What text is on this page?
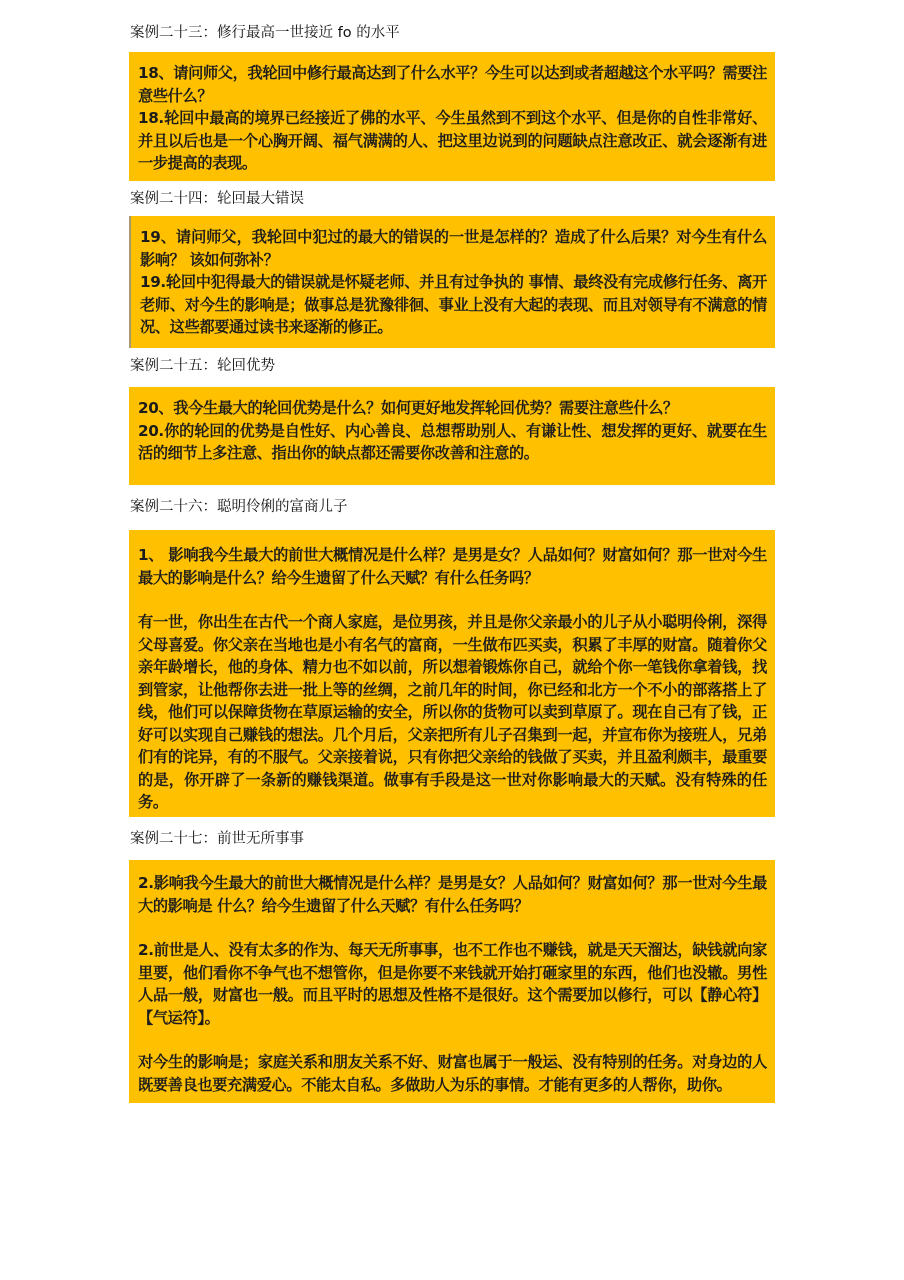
案例二十三：修行最高一世接近 fo 的水平

18、请问师父，我轮回中修行最高达到了什么水平？今生可以达到或者超越这个水平吗？需要注意些什么？

18.轮回中最高的境界已经接近了佛的水平、今生虽然到不到这个水平、但是你的自性非常好、并且以后也是一个心胸开阔、福气满满的人、把这里边说到的问题缺点注意改正、就会逐渐有进一步提高的表现。

案例二十四：轮回最大错误

19、请问师父，我轮回中犯过的最大的错误的一世是怎样的？造成了什么后果？对今生有什么影响？ 该如何弥补？

19.轮回中犯得最大的错误就是怀疑老师、并且有过争执的 事情、最终没有完成修行任务、离开老师、对今生的影响是；做事总是犹豫徘徊、事业上没有大起的表现、而且对领导有不满意的情况、这些都要通过读书来逐渐的修正。

案例二十五：轮回优势

20、我今生最大的轮回优势是什么？如何更好地发挥轮回优势？需要注意些什么？

20.你的轮回的优势是自性好、内心善良、总想帮助别人、有谦让性、想发挥的更好、就要在生活的细节上多注意、指出你的缺点都还需要你改善和注意的。

案例二十六：聪明伶俐的富商儿子

1、 影响我今生最大的前世大概情况是什么样？是男是女？人品如何？财富如何？那一世对今生最大的影响是什么？给今生遗留了什么天赋？有什么任务吗？

有一世，你出生在古代一个商人家庭，是位男孩，并且是你父亲最小的儿子从小聪明伶俐，深得父母喜爱。你父亲在当地也是小有名气的富商，一生做布匹买卖，积累了丰厚的财富。随着你父亲年龄增长，他的身体、精力也不如以前，所以想着锻炼你自己，就给个你一笔钱你拿着钱，找到管家，让他帮你去进一批上等的丝绸，之前几年的时间，你已经和北方一个不小的部落搭上了线，他们可以保障货物在草原运输的安全，所以你的货物可以卖到草原了。现在自己有了钱，正好可以实现自己赚钱的想法。几个月后，父亲把所有儿子召集到一起，并宣布你为接班人，兄弟们有的诧异，有的不服气。父亲接着说，只有你把父亲给的钱做了买卖，并且盈利颇丰，最重要的是，你开辟了一条新的赚钱渠道。做事有手段是这一世对你影响最大的天赋。没有特殊的任务。

案例二十七：前世无所事事

2.影响我今生最大的前世大概情况是什么样？是男是女？人品如何？财富如何？那一世对今生最大的影响是 什么？给今生遗留了什么天赋？有什么任务吗？

2.前世是人、没有太多的作为、每天无所事事，也不工作也不赚钱，就是天天溜达，缺钱就向家里要，他们看你不争气也不想管你，但是你要不来钱就开始打砸家里的东西，他们也没辙。男性人品一般，财富也一般。而且平时的思想及性格不是很好。这个需要加以修行，可以【静心符】【气运符】。

对今生的影响是；家庭关系和朋友关系不好、财富也属于一般运、没有特别的任务。对身边的人既要善良也要充满爱心。不能太自私。多做助人为乐的事情。才能有更多的人帮你，助你。
